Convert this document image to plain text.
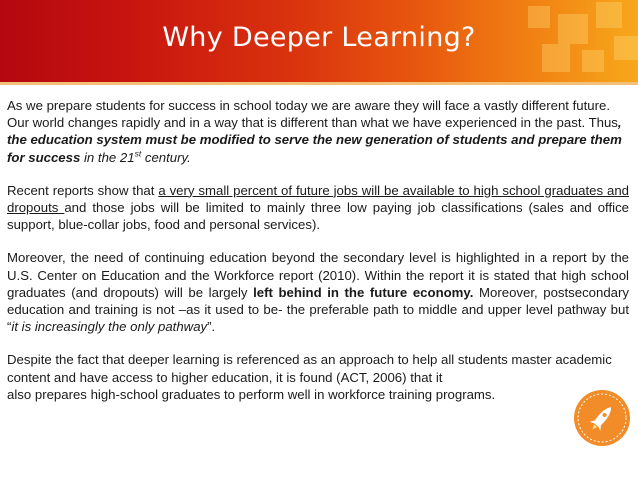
Why Deeper Learning?

As we prepare students for success in school today we are aware they will face a vastly different future. Our world changes rapidly and in a way that is different than what we have experienced in the past. Thus, the education system must be modified to serve the new generation of students and prepare them for success in the 21st century.

Recent reports show that a very small percent of future jobs will be available to high school graduates and dropouts and those jobs will be limited to mainly three low paying job classifications (sales and office support, blue-collar jobs, food and personal services).

Moreover, the need of continuing education beyond the secondary level is highlighted in a report by the U.S. Center on Education and the Workforce report (2010). Within the report it is stated that high school graduates (and dropouts) will be largely left behind in the future economy. Moreover, postsecondary education and training is not –as it used to be- the preferable path to middle and upper level pathway but “it is increasingly the only pathway”.

Despite the fact that deeper learning is referenced as an approach to help all students master academic content and have access to higher education, it is found (ACT, 2006) that it
also prepares high-school graduates to perform well in workforce training programs.
